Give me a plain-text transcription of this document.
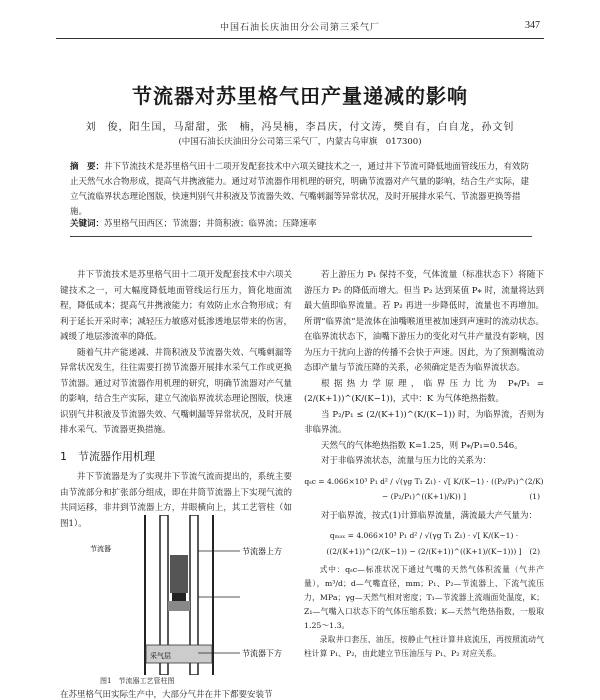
中国石油长庆油田分公司第三采气厂	347
节流器对苏里格气田产量递减的影响
刘　俊，阳生国，马甜甜，张　楠，冯昊楠，李昌庆，付文涛，樊自有，白自龙，孙文钊
(中国石油长庆油田分公司第三采气厂，内蒙古乌审旗　017300)
摘　要：井下节流技术是苏里格气田十二项开发配套技术中六项关键技术之一，通过井下节流可降低地面管线压力，有效防止天然气水合物形成，提高气井携液能力。通过对节流器作用机理的研究，明确节流器对产气量的影响，结合生产实际，建立气流临界状态理论图版，快速判别气井积液及节流器失效、气嘴刺漏等异常状况，及时开展排水采气、节流器更换等措施。
关键词：苏里格气田西区；节流器；井筒积液；临界流；压降速率

井下节流技术是苏里格气田十二项开发配套技术中六项关键技术之一，可大幅度降低地面管线运行压力，简化地面流程，降低成本；提高气井携液能力；有效防止水合物形成；有利于延长开采时率；减轻压力敏感对低渗透地层带来的伤害，减缓了地层渗流率的降低。

随着气井产能递减、井筒积液及节流器失效、气嘴刺漏等异常状况发生，往往需要打捞节流器开展排水采气工作或更换节流器。通过对节流器作用机理的研究，明确节流器对产气量的影响，结合生产实际，建立气流临界流状态理论图版，快速识别气井积液及节流器失效、气嘴刺漏等异常状况，及时开展排水采气、节流器更换措施。

1　节流器作用机理

井下节流器是为了实现井下节流气流而提出的，系统主要由节流部分和扩张部分组成，即在井筒节流器上下实现气流的共同运移，非井到节流器上方，井眼横向上，其工艺管柱（如图1）。

节流器	节流器上方
节流器下方
采气层
图1　节流器工艺管柱图
在苏里格气田实际生产中，大部分气井在井下都要安装节

若上游压力 P₁ 保持不变，气体流量（标准状态下）将随下游压力 P₂ 的降低而增大。但当 P₂ 达到某值 P⁎ 时，流量将达到最大值即临界流量。若 P₂ 再进一步降低时，流量也不再增加。所谓“临界流”是流体在油嘴喉道里被加速到声速时的流动状态。在临界流状态下，油嘴下游压力的变化对气井产量没有影响，因为压力干扰向上游的传播不会快于声速。因此，为了预测嘴流动态即产量与节流压降的关系，必须确定是否为临界流状态。

根据热力学原理，临界压力比为 P⁎/P₁ = (2/(K+1))^(K/(K−1))，式中：K 为气体绝热指数。

当 P₂/P₁ ≤ (2/(K+1))^(K/(K−1)) 时，为临界流，否则为非临界流。

天然气的气体绝热指数 K=1.25，则 P⁎/P₁=0.546。

对于非临界流状态，流量与压力比的关系为：

qₛc = 4.066×10³ P₁ d² / √(γg T₁ Z₁) · √[ K/(K−1) · ((P₂/P₁)^(2/K) − (P₂/P₁)^((K+1)/K)) ]	(1)

对于临界流，按式(1)计算临界流量，满流最大产气量为：

qₘₐₓ = 4.066×10³ P₁ d² / √(γg T₁ Z₁) · √[ K/(K−1) · ((2/(K+1))^(2/(K−1)) − (2/(K+1))^((K+1)/(K−1))) ] (2)

式中：qₛc—标准状况下通过气嘴的天然气体积流量（气井产量），m³/d；d—气嘴直径，mm；P₁、P₂—节流器上、下流气流压力，MPa；γg—天然气相对密度；T₁—节流器上流端面处温度，K；Z₁—气嘴入口状态下的气体压缩系数；K—天然气绝热指数，一般取1.25～1.3。

录取井口套压、油压，按静止气柱计算井底流压，再按照流动气柱计算 P₁、P₂，由此建立节压油压与 P₁、P₂ 对应关系。
